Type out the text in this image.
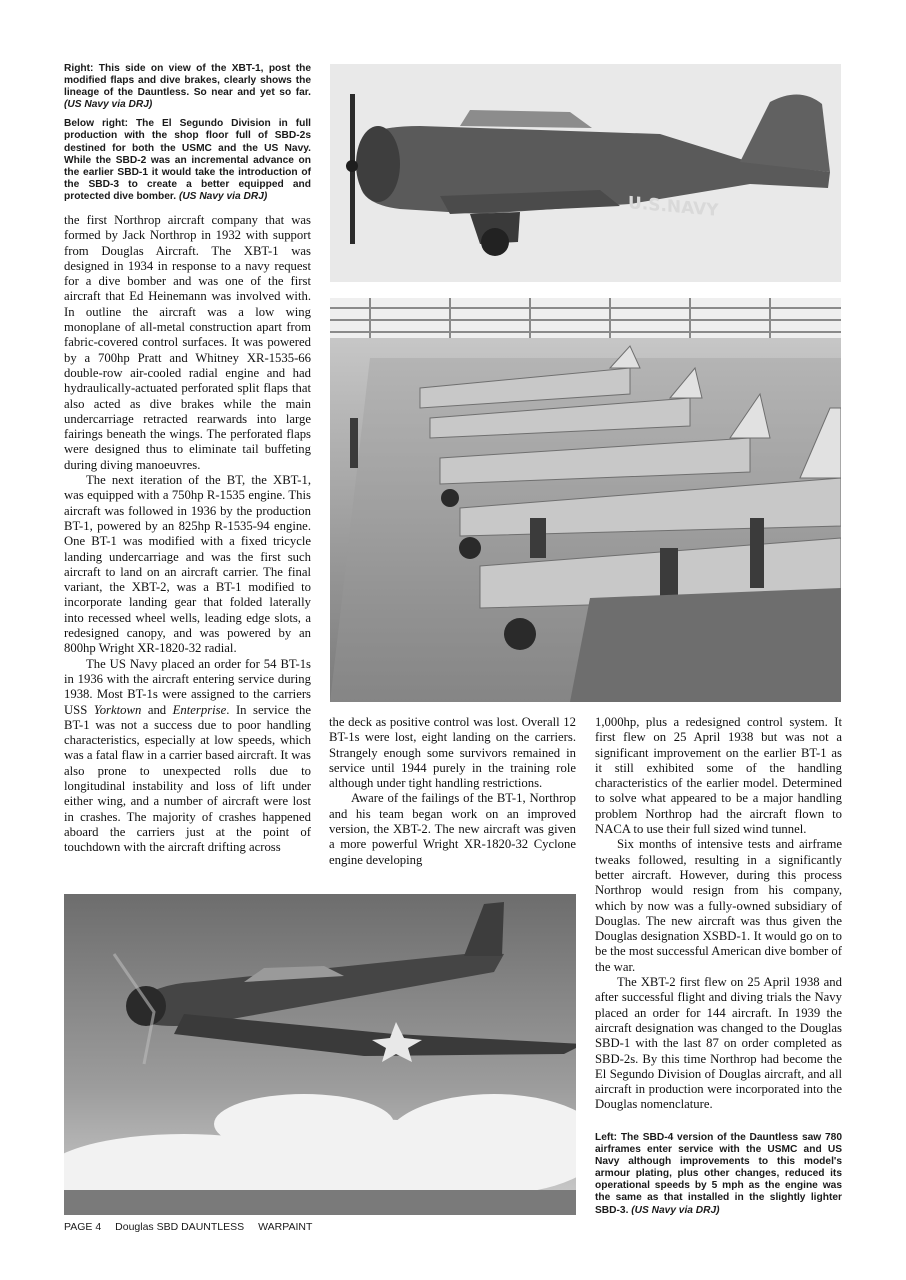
Right: This side on view of the XBT-1, post the modified flaps and dive brakes, clearly shows the lineage of the Dauntless. So near and yet so far. (US Navy via DRJ)

Below right: The El Segundo Division in full production with the shop floor full of SBD-2s destined for both the USMC and the US Navy. While the SBD-2 was an incremental advance on the earlier SBD-1 it would take the introduction of the SBD-3 to create a better equipped and protected dive bomber. (US Navy via DRJ)	U.S.NAVY

the first Northrop aircraft company that was formed by Jack Northrop in 1932 with support from Douglas Aircraft. The XBT-1 was designed in 1934 in response to a navy request for a dive bomber and was one of the first aircraft that Ed Heinemann was involved with. In outline the aircraft was a low wing monoplane of all-metal construction apart from fabric-covered control surfaces. It was powered by a 700hp Pratt and Whitney XR-1535-66 double-row air-cooled radial engine and had hydraulically-actuated perforated split flaps that also acted as dive brakes while the main undercarriage retracted rearwards into large fairings beneath the wings. The perforated flaps were designed thus to eliminate tail buffeting during diving manoeuvres.

The next iteration of the BT, the XBT-1, was equipped with a 750hp R-1535 engine. This aircraft was followed in 1936 by the production BT-1, powered by an 825hp R-1535-94 engine. One BT-1 was modified with a fixed tricycle landing undercarriage and was the first such aircraft to land on an aircraft carrier. The final variant, the XBT-2, was a BT-1 modified to incorporate landing gear that folded laterally into recessed wheel wells, leading edge slots, a redesigned canopy, and was powered by an 800hp Wright XR-1820-32 radial.

The US Navy placed an order for 54 BT-1s in 1936 with the aircraft entering service during 1938. Most BT-1s were assigned to the carriers USS Yorktown and Enterprise. In service the BT-1 was not a success due to poor handling characteristics, especially at low speeds, which was a fatal flaw in a carrier based aircraft. It was also prone to unexpected rolls due to longitudinal instability and loss of lift under either wing, and a number of aircraft were lost in crashes. The majority of crashes happened aboard the carriers just at the point of touchdown with the aircraft drifting across

the deck as positive control was lost. Overall 12 BT-1s were lost, eight landing on the carriers. Strangely enough some survivors remained in service until 1944 purely in the training role although under tight handling restrictions.

Aware of the failings of the BT-1, Northrop and his team began work on an improved version, the XBT-2. The new aircraft was given a more powerful Wright XR-1820-32 Cyclone engine developing

1,000hp, plus a redesigned control system. It first flew on 25 April 1938 but was not a significant improvement on the earlier BT-1 as it still exhibited some of the handling characteristics of the earlier model. Determined to solve what appeared to be a major handling problem Northrop had the aircraft flown to NACA to use their full sized wind tunnel.

Six months of intensive tests and airframe tweaks followed, resulting in a significantly better aircraft. However, during this process Northrop would resign from his company, which by now was a fully-owned subsidiary of Douglas. The new aircraft was thus given the Douglas designation XSBD-1. It would go on to be the most successful American dive bomber of the war.

The XBT-2 first flew on 25 April 1938 and after successful flight and diving trials the Navy placed an order for 144 aircraft. In 1939 the aircraft designation was changed to the Douglas SBD-1 with the last 87 on order completed as SBD-2s. By this time Northrop had become the El Segundo Division of Douglas aircraft, and all aircraft in production were incorporated into the Douglas nomenclature.

Left: The SBD-4 version of the Dauntless saw 780 airframes enter service with the USMC and US Navy although improvements to this model's armour plating, plus other changes, reduced its operational speeds by 5 mph as the engine was the same as that installed in the slightly lighter SBD-3. (US Navy via DRJ)

PAGE 4 Douglas SBD DAUNTLESS WARPAINT
